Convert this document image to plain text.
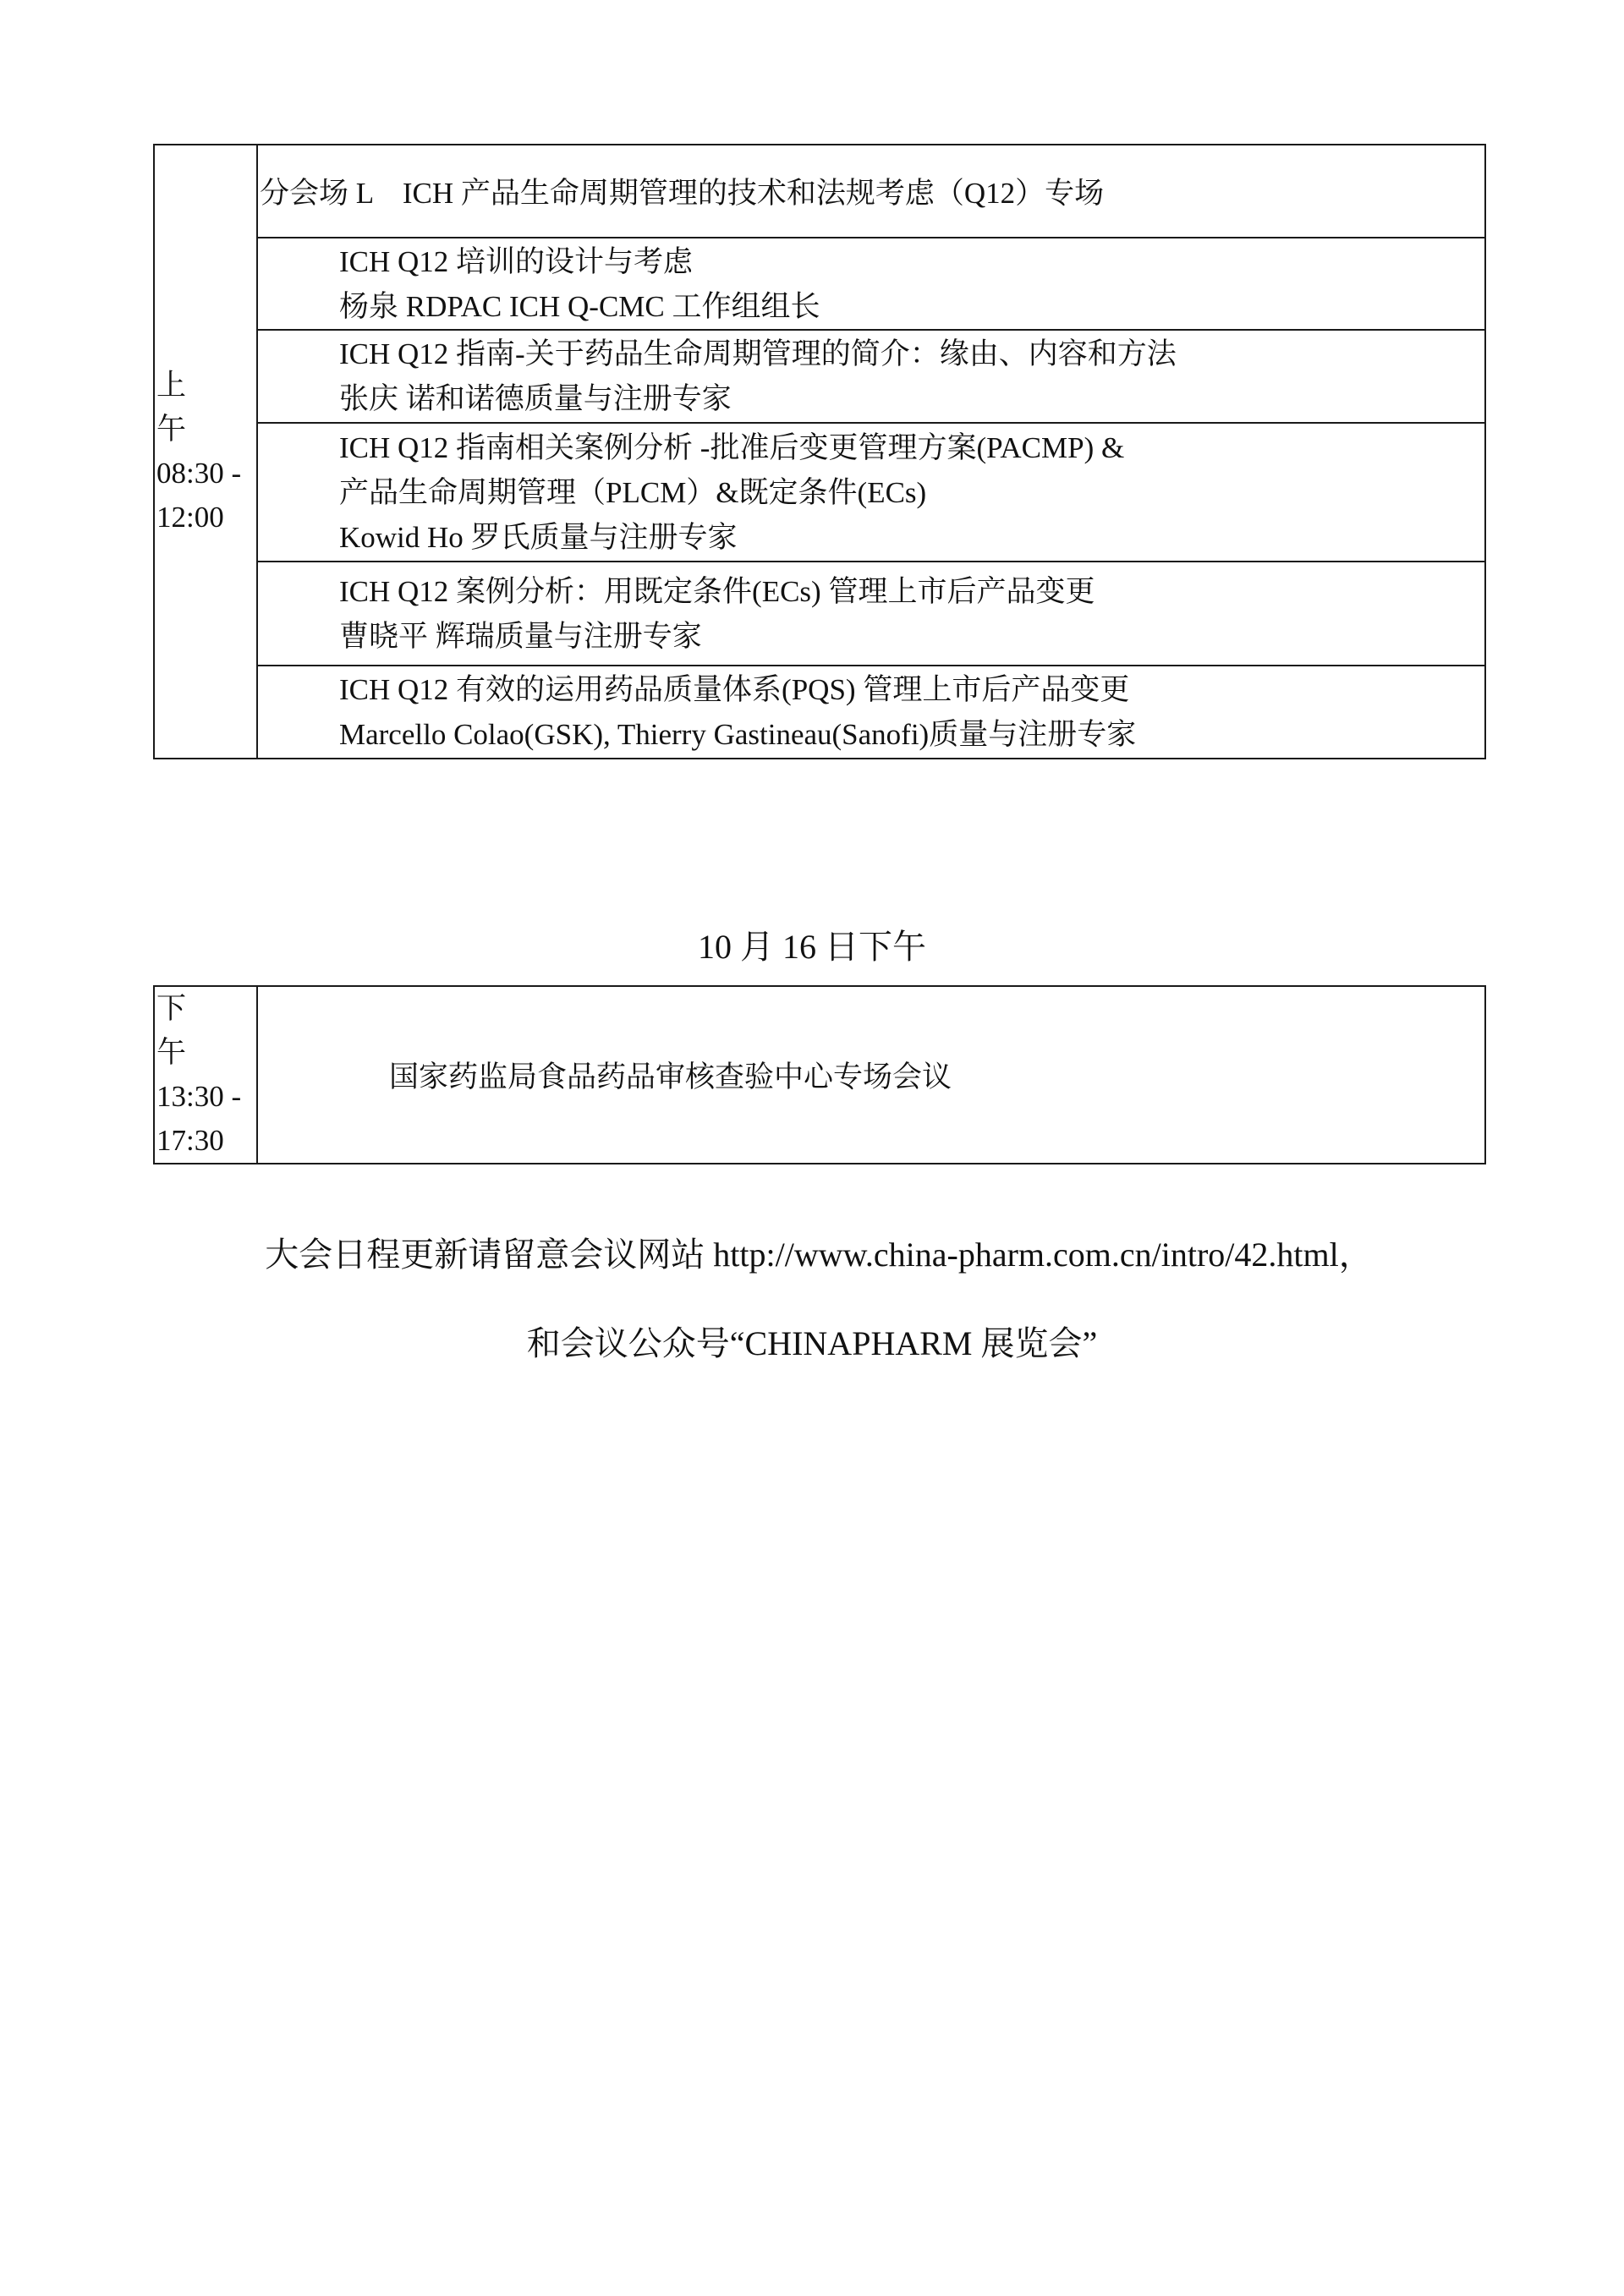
上 午
08:30 -
12:00
	分会场 L　ICH 产品生命周期管理的技术和法规考虑（Q12）专场

ICH Q12 培训的设计与考虑
杨泉 RDPAC ICH Q-CMC 工作组组长

ICH Q12 指南-关于药品生命周期管理的简介：缘由、内容和方法
张庆 诺和诺德质量与注册专家

ICH Q12 指南相关案例分析 -批准后变更管理方案(PACMP) &
产品生命周期管理（PLCM）&既定条件(ECs)
Kowid Ho 罗氏质量与注册专家

ICH Q12 案例分析：用既定条件(ECs) 管理上市后产品变更
曹晓平 辉瑞质量与注册专家

ICH Q12 有效的运用药品质量体系(PQS) 管理上市后产品变更
Marcello Colao(GSK), Thierry Gastineau(Sanofi)质量与注册专家
10 月 16 日下午
下 午
13:30 -
17:30
	国家药监局食品药品审核查验中心专场会议
大会日程更新请留意会议网站 http://www.china-pharm.com.cn/intro/42.html，
和会议公众号“CHINAPHARM 展览会”
